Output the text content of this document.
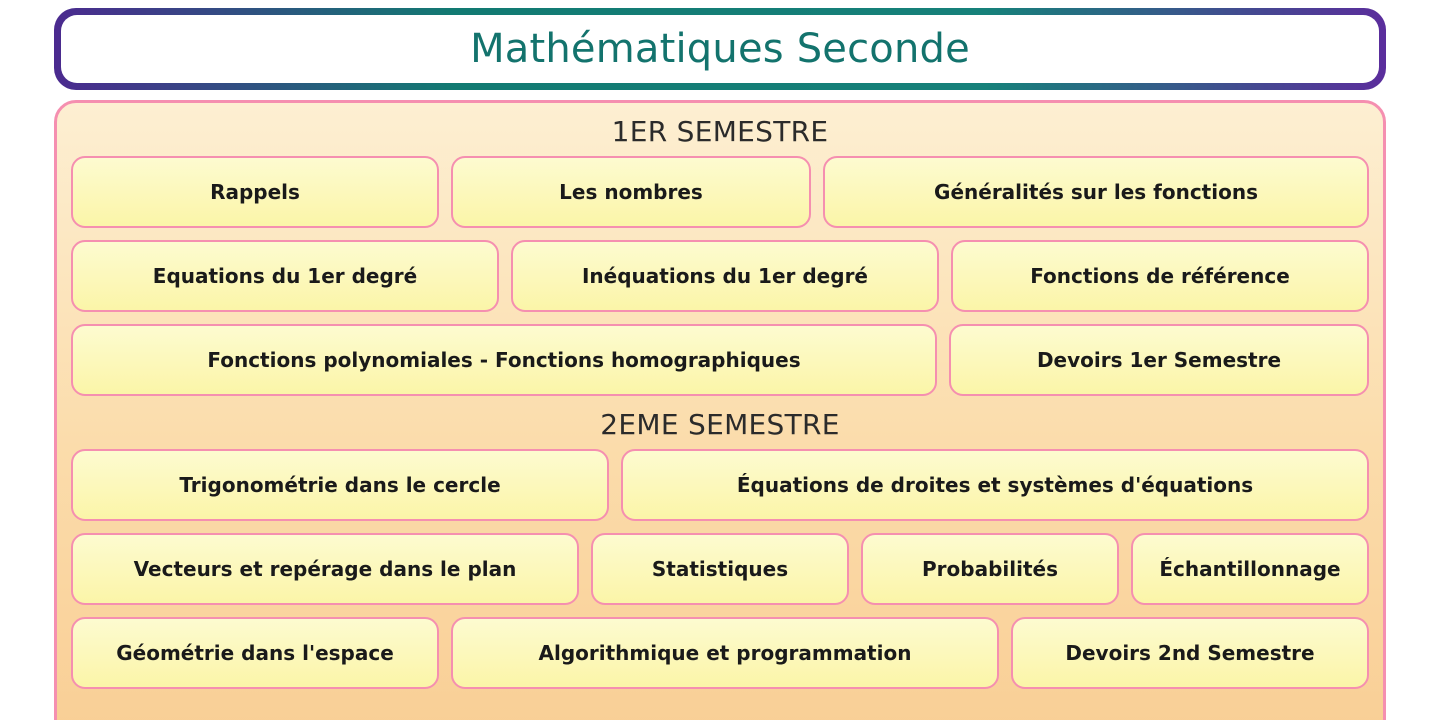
Mathématiques Seconde
1ER SEMESTRE
Rappels	Les nombres	Généralités sur les fonctions
Equations du 1er degré	Inéquations du 1er degré	Fonctions de référence
Fonctions polynomiales - Fonctions homographiques	Devoirs 1er Semestre
2EME SEMESTRE
Trigonométrie dans le cercle	Équations de droites et systèmes d'équations
Vecteurs et repérage dans le plan	Statistiques	Probabilités	Échantillonnage
Géométrie dans l'espace	Algorithmique et programmation	Devoirs 2nd Semestre
